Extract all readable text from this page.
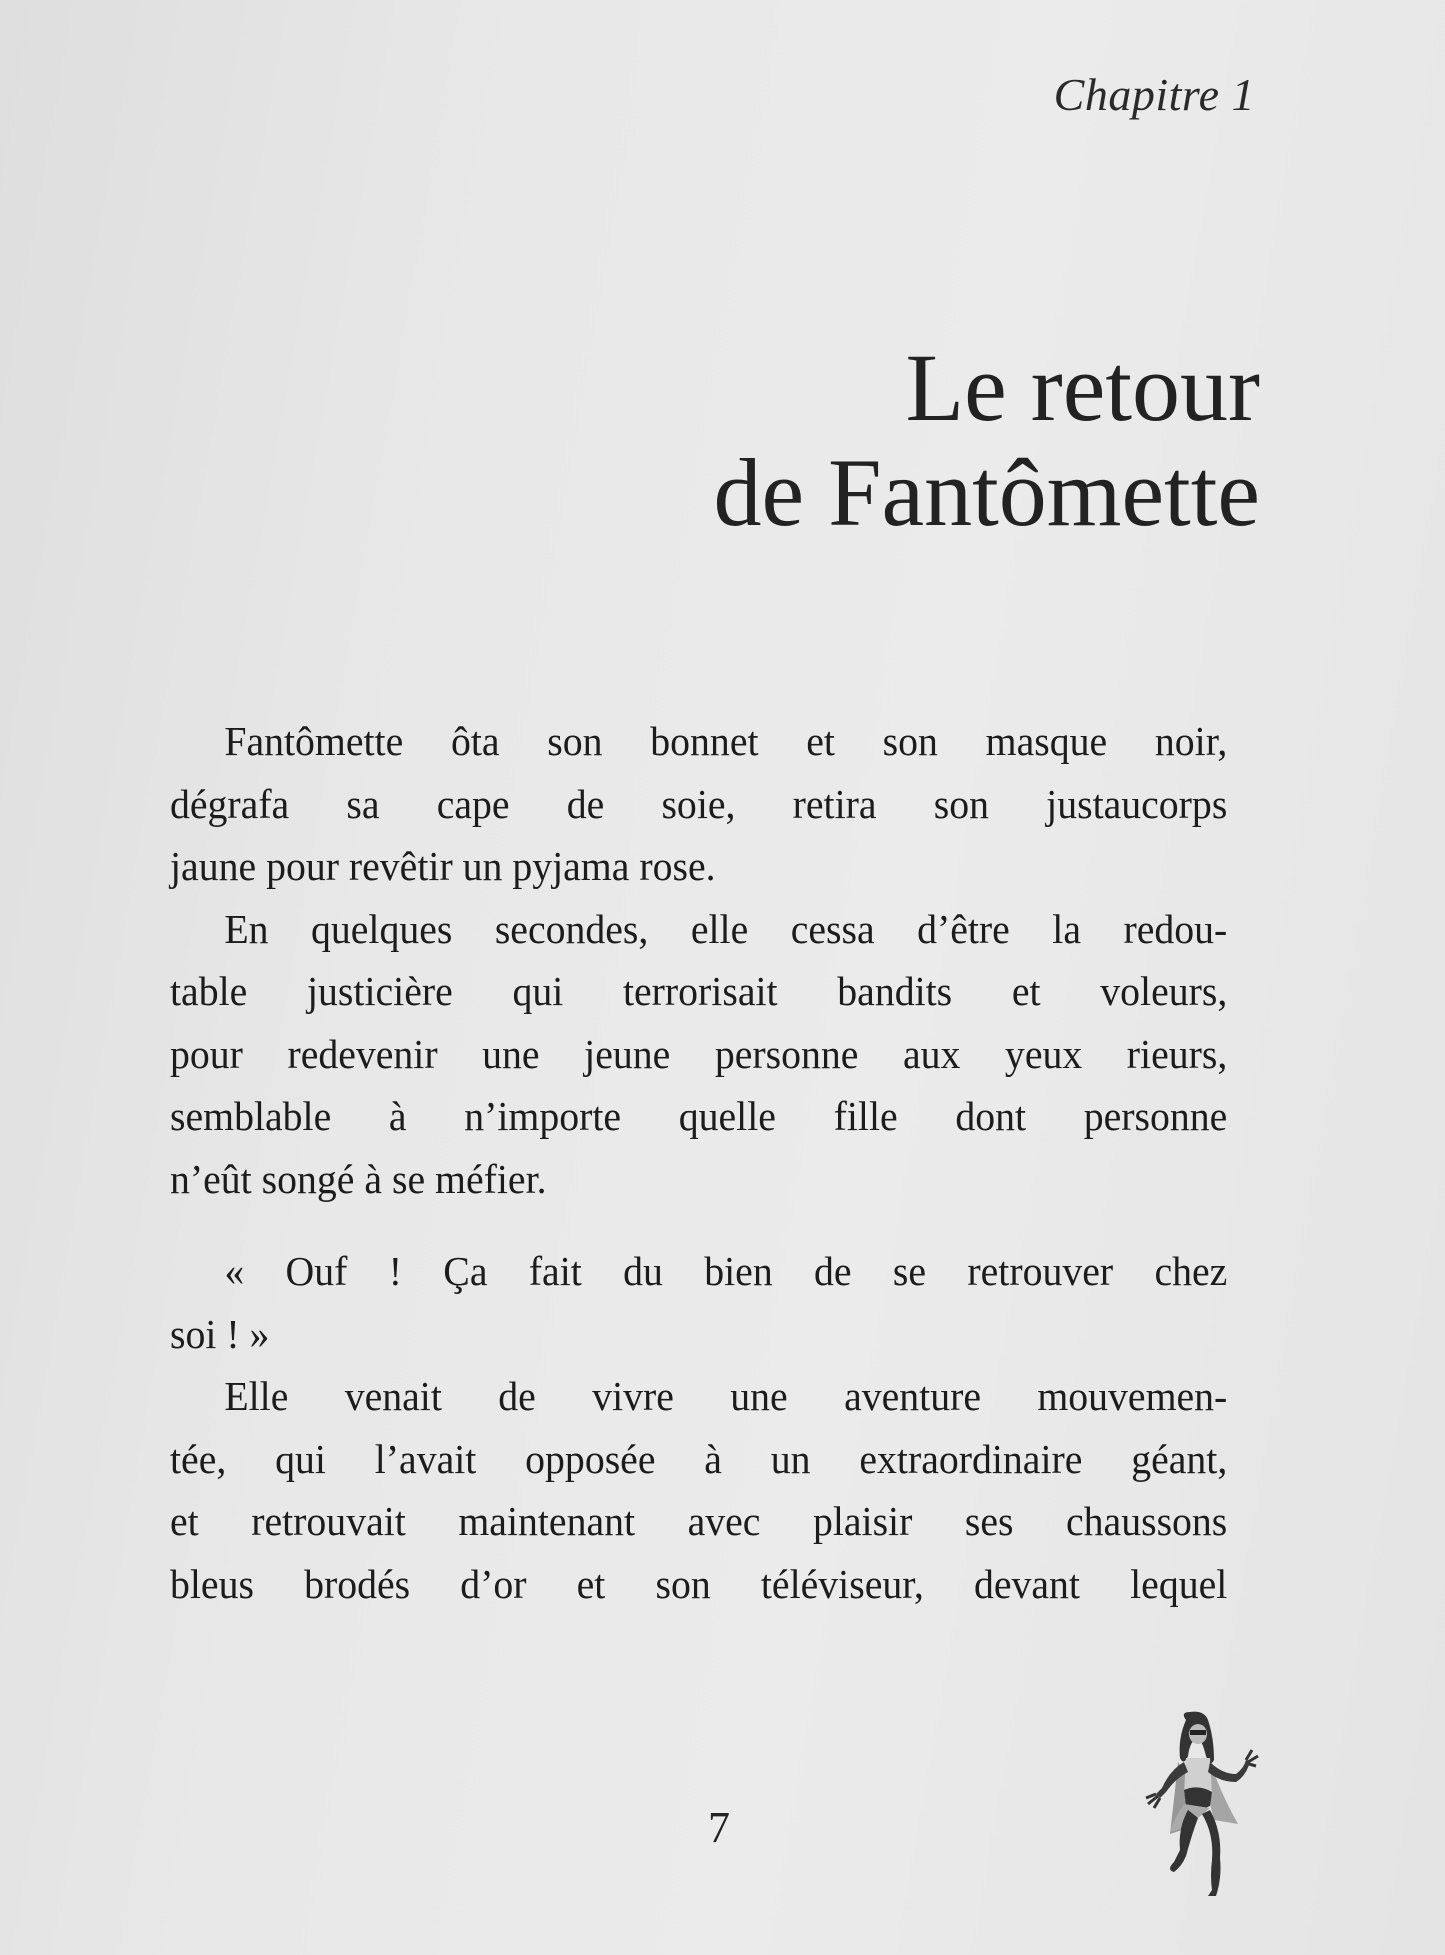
Chapitre 1
Le retour
de Fantômette

Fantômette ôta son bonnet et son masque noir,
dégrafa sa cape de soie, retira son justaucorps
jaune pour revêtir un pyjama rose.

En quelques secondes, elle cessa d’être la redou-
table justicière qui terrorisait bandits et voleurs,
pour redevenir une jeune personne aux yeux rieurs,
semblable à n’importe quelle fille dont personne
n’eût songé à se méfier.

« Ouf ! Ça fait du bien de se retrouver chez
soi ! »

Elle venait de vivre une aventure mouvemen-
tée, qui l’avait opposée à un extraordinaire géant,
et retrouvait maintenant avec plaisir ses chaussons
bleus brodés d’or et son téléviseur, devant lequel

7
